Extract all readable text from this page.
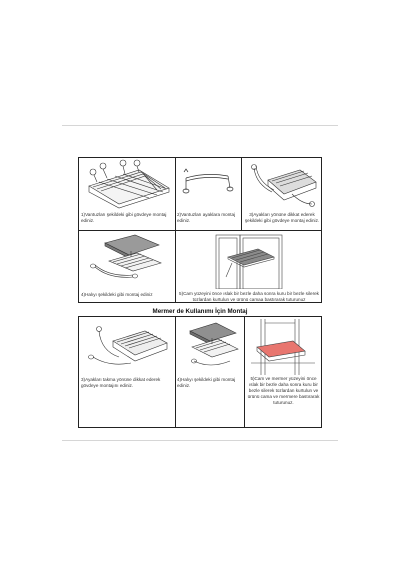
1)Vantuzları şekildeki gibi gövdeye montaj ediniz.
2)Vantuzları ayaklara montaj ediniz.
3)Ayakları yönüne dikkat ederek şekildeki gibi gövdeye montaj ediniz.
4)Halıyı şekildeki gibi montaj ediniz	5)Cam yüzeyini önce ıslak bir bezle daha sonra kuru bir bezle silerek tozlardan kurtulun ve ürünü camaa bastırarak tuturunuz
Mermer de Kullanımı İçin Montaj
3)Ayakları takma yönüne dikkat ederek gövdeye montajını ediniz.
4)Halıyı şekildeki gibi montaj ediniz.
5)Cam ve mermer yüzeyini önce ıslak bir bezle daha sonra kuru bir bezle silerek tozlardan kurtulun ve ürünü cama ve mermere bastırarak tuturunuz.
